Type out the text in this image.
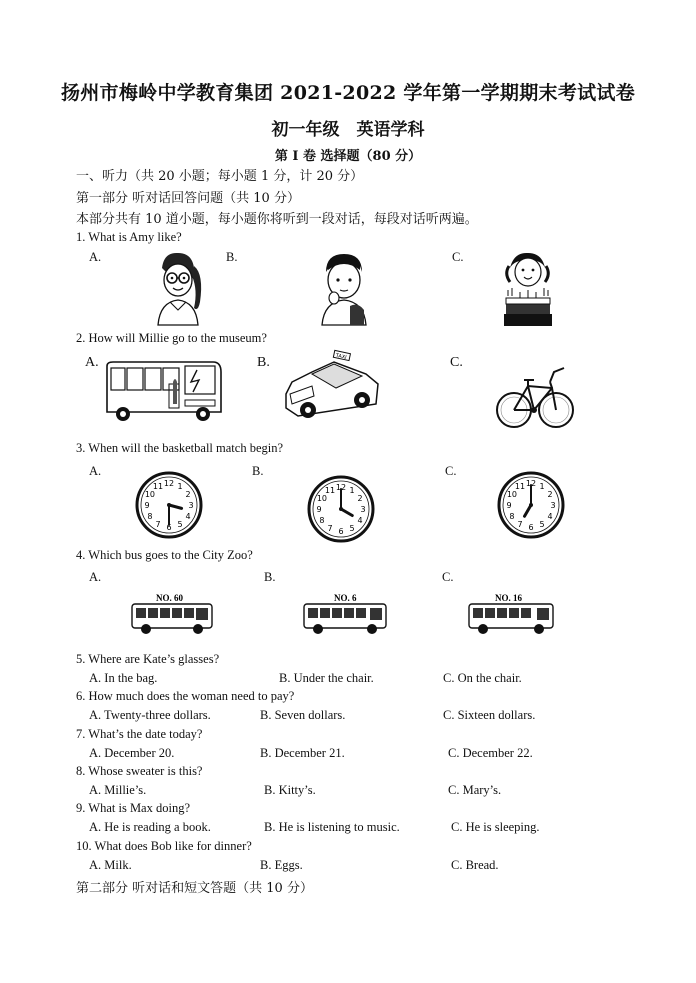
扬州市梅岭中学教育集团 2021-2022 学年第一学期期末考试试卷
初一年级　英语学科
第 I 卷 选择题（80 分）
一、听力（共 20 小题；每小题 1 分，计 20 分）
第一部分 听对话回答问题（共 10 分）
本部分共有 10 道小题，每小题你将听到一段对话，每段对话听两遍。
1. What is Amy like?
A.	B.	C.
2. How will Millie go to the museum?
A.	B.	C.
TAXI
3. When will the basketball match begin?
A.	B.	C.
12 1
2
3
4
5
6
7
8
9
10
11	12 1
2
3
4
5
6
7
8
9
10
11
12 1
2
3
4
5
6
7
8
9
10
11
4. Which bus goes to the City Zoo?
A.	B.	C.
NO. 60	NO. 6	NO. 16
5. Where are Kate’s glasses?
A. In the bag.	B. Under the chair.	C. On the chair.
6. How much does the woman need to pay?
A. Twenty-three dollars.	B. Seven dollars.	C. Sixteen dollars.
7. What’s the date today?
A. December 20.	B. December 21.	C. December 22.
8. Whose sweater is this?
A. Millie’s.	B. Kitty’s.	C. Mary’s.
9. What is Max doing?
A. He is reading a book.	B. He is listening to music.	C. He is sleeping.
10. What does Bob like for dinner?
A. Milk.	B. Eggs.	C. Bread.
第二部分 听对话和短文答题（共 10 分）
